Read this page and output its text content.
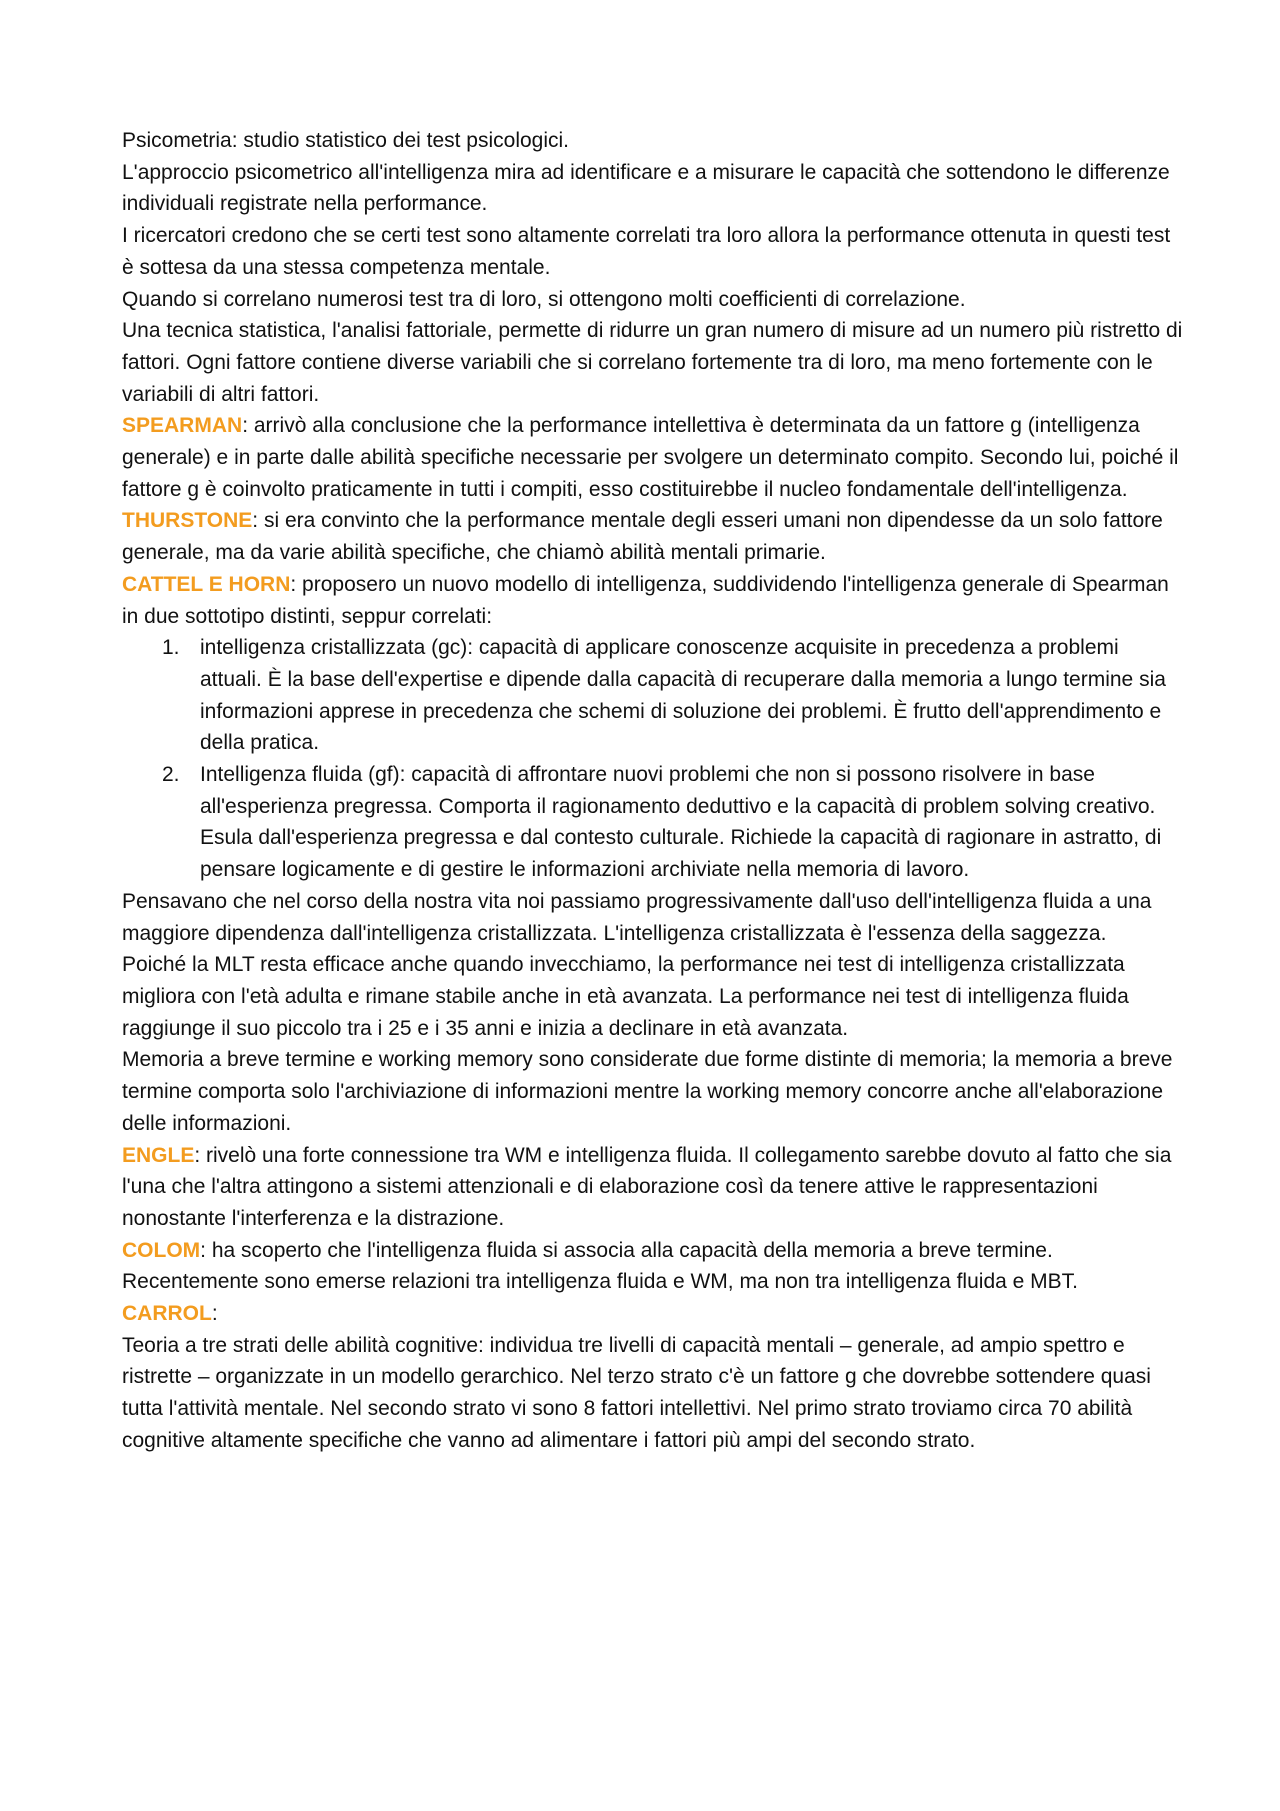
Psicometria: studio statistico dei test psicologici.

L'approccio psicometrico all'intelligenza mira ad identificare e a misurare le capacità che sottendono le differenze individuali registrate nella performance.

I ricercatori credono che se certi test sono altamente correlati tra loro allora la performance ottenuta in questi test è sottesa da una stessa competenza mentale.

Quando si correlano numerosi test tra di loro, si ottengono molti coefficienti di correlazione.

Una tecnica statistica, l'analisi fattoriale, permette di ridurre un gran numero di misure ad un numero più ristretto di fattori. Ogni fattore contiene diverse variabili che si correlano fortemente tra di loro, ma meno fortemente con le variabili di altri fattori.

SPEARMAN: arrivò alla conclusione che la performance intellettiva è determinata da un fattore g (intelligenza generale) e in parte dalle abilità specifiche necessarie per svolgere un determinato compito. Secondo lui, poiché il fattore g è coinvolto praticamente in tutti i compiti, esso costituirebbe il nucleo fondamentale dell'intelligenza.

THURSTONE: si era convinto che la performance mentale degli esseri umani non dipendesse da un solo fattore generale, ma da varie abilità specifiche, che chiamò abilità mentali primarie.

CATTEL E HORN: proposero un nuovo modello di intelligenza, suddividendo l'intelligenza generale di Spearman in due sottotipo distinti, seppur correlati:

1. intelligenza cristallizzata (gc): capacità di applicare conoscenze acquisite in precedenza a problemi attuali. È la base dell'expertise e dipende dalla capacità di recuperare dalla memoria a lungo termine sia informazioni apprese in precedenza che schemi di soluzione dei problemi. È frutto dell'apprendimento e della pratica.
2. Intelligenza fluida (gf): capacità di affrontare nuovi problemi che non si possono risolvere in base all'esperienza pregressa. Comporta il ragionamento deduttivo e la capacità di problem solving creativo. Esula dall'esperienza pregressa e dal contesto culturale. Richiede la capacità di ragionare in astratto, di pensare logicamente e di gestire le informazioni archiviate nella memoria di lavoro.

Pensavano che nel corso della nostra vita noi passiamo progressivamente dall'uso dell'intelligenza fluida a una maggiore dipendenza dall'intelligenza cristallizzata. L'intelligenza cristallizzata è l'essenza della saggezza.

Poiché la MLT resta efficace anche quando invecchiamo, la performance nei test di intelligenza cristallizzata migliora con l'età adulta e rimane stabile anche in età avanzata. La performance nei test di intelligenza fluida raggiunge il suo piccolo tra i 25 e i 35 anni e inizia a declinare in età avanzata.

Memoria a breve termine e working memory sono considerate due forme distinte di memoria; la memoria a breve termine comporta solo l'archiviazione di informazioni mentre la working memory concorre anche all'elaborazione delle informazioni.

ENGLE: rivelò una forte connessione tra WM e intelligenza fluida. Il collegamento sarebbe dovuto al fatto che sia l'una che l'altra attingono a sistemi attenzionali e di elaborazione così da tenere attive le rappresentazioni nonostante l'interferenza e la distrazione.

COLOM: ha scoperto che l'intelligenza fluida si associa alla capacità della memoria a breve termine. Recentemente sono emerse relazioni tra intelligenza fluida e WM, ma non tra intelligenza fluida e MBT.

CARROL:

Teoria a tre strati delle abilità cognitive: individua tre livelli di capacità mentali – generale, ad ampio spettro e ristrette – organizzate in un modello gerarchico. Nel terzo strato c'è un fattore g che dovrebbe sottendere quasi tutta l'attività mentale. Nel secondo strato vi sono 8 fattori intellettivi. Nel primo strato troviamo circa 70 abilità cognitive altamente specifiche che vanno ad alimentare i fattori più ampi del secondo strato.
